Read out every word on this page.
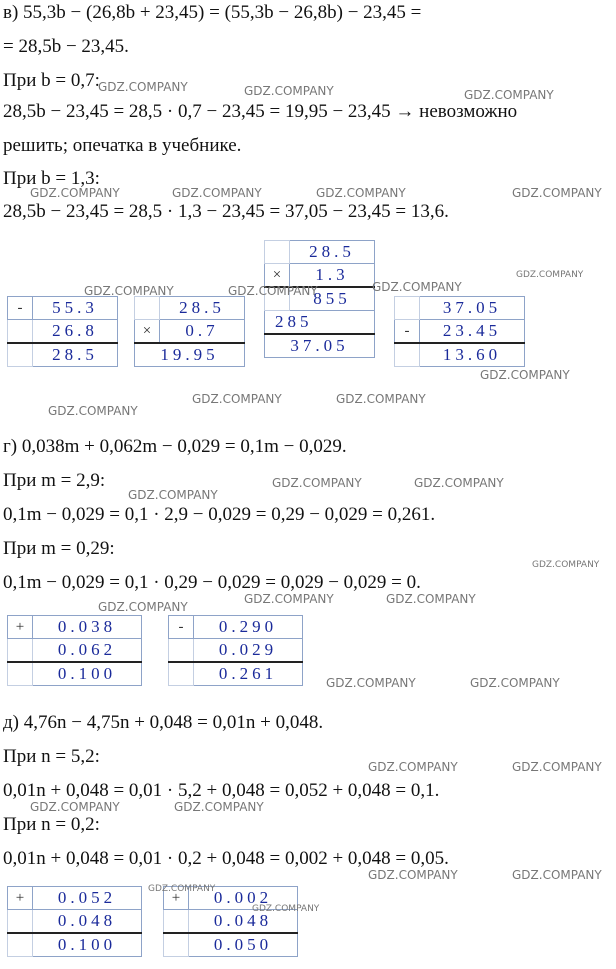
в) 55,3b − (26,8b + 23,45) = (55,3b − 26,8b) − 23,45 =
= 28,5b − 23,45.
При b = 0,7:
28,5b − 23,45 = 28,5 · 0,7 − 23,45 = 19,95 − 23,45 → невозможно
решить; опечатка в учебнике.
При b = 1,3:
28,5b − 23,45 = 28,5 · 1,3 − 23,45 = 37,05 − 23,45 = 13,6.
-	55.3
	26.8
	28.5
	28.5
×	0.7
19.95	
	28.5
×	1.3
	855
285	
37.05	
	37.05
-	23.45
	13.60
г) 0,038m + 0,062m − 0,029 = 0,1m − 0,029.
При m = 2,9:
0,1m − 0,029 = 0,1 · 2,9 − 0,029 = 0,29 − 0,029 = 0,261.
При m = 0,29:
0,1m − 0,029 = 0,1 · 0,29 − 0,029 = 0,029 − 0,029 = 0.
+	0.038
	0.062
	0.100
-	0.290
	0.029
	0.261
д) 4,76n − 4,75n + 0,048 = 0,01n + 0,048.
При n = 5,2:
0,01n + 0,048 = 0,01 · 5,2 + 0,048 = 0,052 + 0,048 = 0,1.
При n = 0,2:
0,01n + 0,048 = 0,01 · 0,2 + 0,048 = 0,002 + 0,048 = 0,05.
+	0.052
	0.048
	0.100
+	0.002
	0.048
	0.050
GDZ.COMPANY	GDZ.COMPANY	GDZ.COMPANY
GDZ.COMPANY	GDZ.COMPANY	GDZ.COMPANY	GDZ.COMPANY
GDZ.COMPANY
GDZ.COMPANY	GDZ.COMPANY	GDZ.COMPANY
GDZ.COMPANY
GDZ.COMPANY	GDZ.COMPANY
GDZ.COMPANY
GDZ.COMPANY	GDZ.COMPANY
GDZ.COMPANY
GDZ.COMPANY
GDZ.COMPANY
GDZ.COMPANY	GDZ.COMPANY
GDZ.COMPANY	GDZ.COMPANY
GDZ.COMPANY	GDZ.COMPANY
GDZ.COMPANY	GDZ.COMPANY
GDZ.COMPANY	GDZ.COMPANY
GDZ.COMPANY
GDZ.COMPANY
